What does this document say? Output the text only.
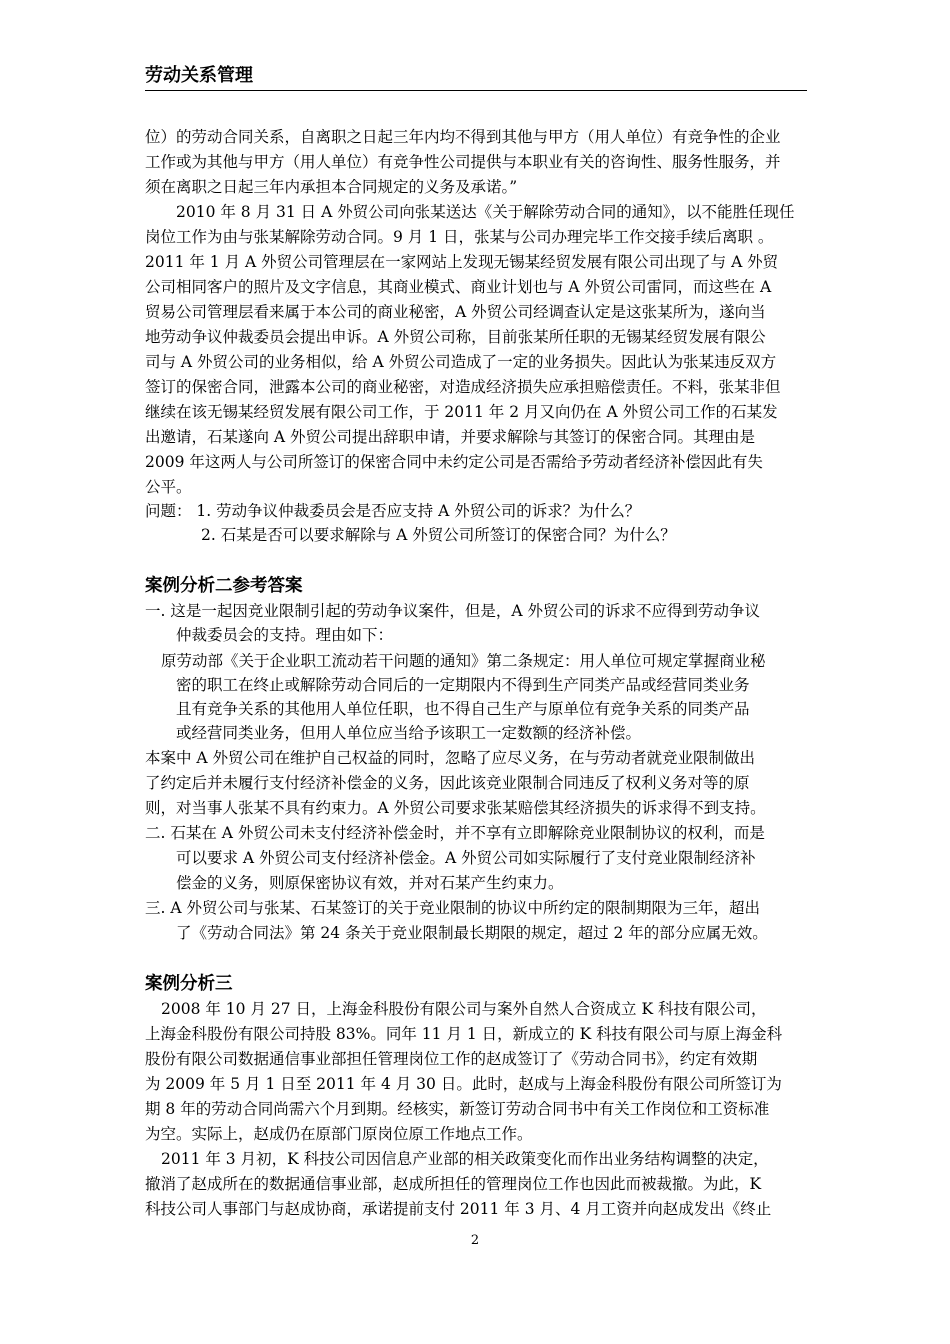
劳动关系管理
位）的劳动合同关系，自离职之日起三年内均不得到其他与甲方（用人单位）有竞争性的企业
工作或为其他与甲方（用人单位）有竞争性公司提供与本职业有关的咨询性、服务性服务，并
须在离职之日起三年内承担本合同规定的义务及承诺。”
2010 年 8 月 31 日 A 外贸公司向张某送达《关于解除劳动合同的通知》，以不能胜任现任
岗位工作为由与张某解除劳动合同。9 月 1 日，张某与公司办理完毕工作交接手续后离职 。
2011 年 1 月 A 外贸公司管理层在一家网站上发现无锡某经贸发展有限公司出现了与 A 外贸
公司相同客户的照片及文字信息，其商业模式、商业计划也与 A 外贸公司雷同，而这些在 A
贸易公司管理层看来属于本公司的商业秘密，A 外贸公司经调查认定是这张某所为，遂向当
地劳动争议仲裁委员会提出申诉。A 外贸公司称，目前张某所任职的无锡某经贸发展有限公
司与 A 外贸公司的业务相似，给 A 外贸公司造成了一定的业务损失。因此认为张某违反双方
签订的保密合同，泄露本公司的商业秘密，对造成经济损失应承担赔偿责任。不料，张某非但
继续在该无锡某经贸发展有限公司工作，于 2011 年 2 月又向仍在 A 外贸公司工作的石某发
出邀请，石某遂向 A 外贸公司提出辞职申请，并要求解除与其签订的保密合同。其理由是
2009 年这两人与公司所签订的保密合同中未约定公司是否需给予劳动者经济补偿因此有失
公平。
问题： 1. 劳动争议仲裁委员会是否应支持 A 外贸公司的诉求？为什么？
2. 石某是否可以要求解除与 A 外贸公司所签订的保密合同？为什么？
案例分析二参考答案
一. 这是一起因竞业限制引起的劳动争议案件，但是，A 外贸公司的诉求不应得到劳动争议
仲裁委员会的支持。理由如下：
原劳动部《关于企业职工流动若干问题的通知》第二条规定：用人单位可规定掌握商业秘
密的职工在终止或解除劳动合同后的一定期限内不得到生产同类产品或经营同类业务
且有竞争关系的其他用人单位任职，也不得自己生产与原单位有竞争关系的同类产品
或经营同类业务，但用人单位应当给予该职工一定数额的经济补偿。
本案中 A 外贸公司在维护自己权益的同时，忽略了应尽义务，在与劳动者就竞业限制做出
了约定后并未履行支付经济补偿金的义务，因此该竞业限制合同违反了权利义务对等的原
则，对当事人张某不具有约束力。A 外贸公司要求张某赔偿其经济损失的诉求得不到支持。
二. 石某在 A 外贸公司未支付经济补偿金时，并不享有立即解除竞业限制协议的权利，而是
可以要求 A 外贸公司支付经济补偿金。A 外贸公司如实际履行了支付竞业限制经济补
偿金的义务，则原保密协议有效，并对石某产生约束力。
三. A 外贸公司与张某、石某签订的关于竞业限制的协议中所约定的限制期限为三年，超出
了《劳动合同法》第 24 条关于竞业限制最长期限的规定，超过 2 年的部分应属无效。
案例分析三
2008 年 10 月 27 日，上海金科股份有限公司与案外自然人合资成立 K 科技有限公司，
上海金科股份有限公司持股 83%。同年 11 月 1 日，新成立的 K 科技有限公司与原上海金科
股份有限公司数据通信事业部担任管理岗位工作的赵成签订了《劳动合同书》，约定有效期
为 2009 年 5 月 1 日至 2011 年 4 月 30 日。此时，赵成与上海金科股份有限公司所签订为
期 8 年的劳动合同尚需六个月到期。经核实，新签订劳动合同书中有关工作岗位和工资标准
为空。实际上，赵成仍在原部门原岗位原工作地点工作。
2011 年 3 月初，K 科技公司因信息产业部的相关政策变化而作出业务结构调整的决定，
撤消了赵成所在的数据通信事业部，赵成所担任的管理岗位工作也因此而被裁撤。为此，K
科技公司人事部门与赵成协商，承诺提前支付 2011 年 3 月、4 月工资并向赵成发出《终止
2
